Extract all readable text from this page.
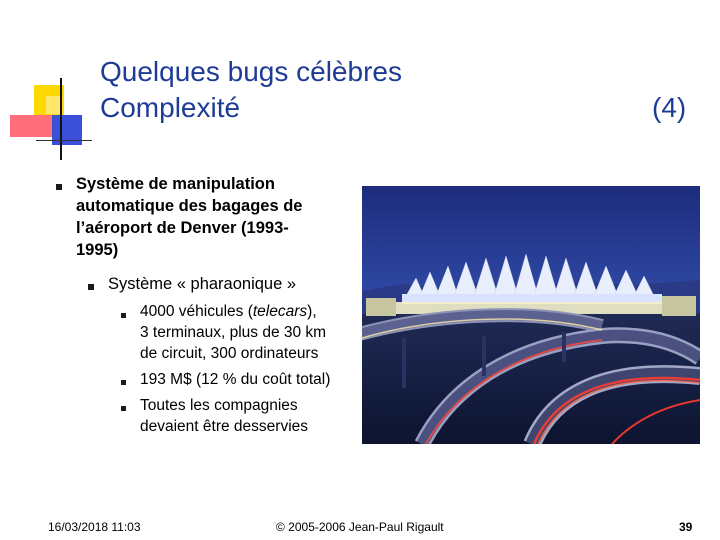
Quelques bugs célèbres
Complexité	(4)
Système de manipulation
automatique des bagages de
l’aéroport de Denver (1993-
1995)
Système « pharaonique »
4000 véhicules (telecars),
3 terminaux, plus de 30 km
de circuit, 300 ordinateurs
193 M$ (12 % du coût total)
Toutes les compagnies
devaient être desservies
16/03/2018 11:03	© 2005-2006 Jean-Paul Rigault	39
